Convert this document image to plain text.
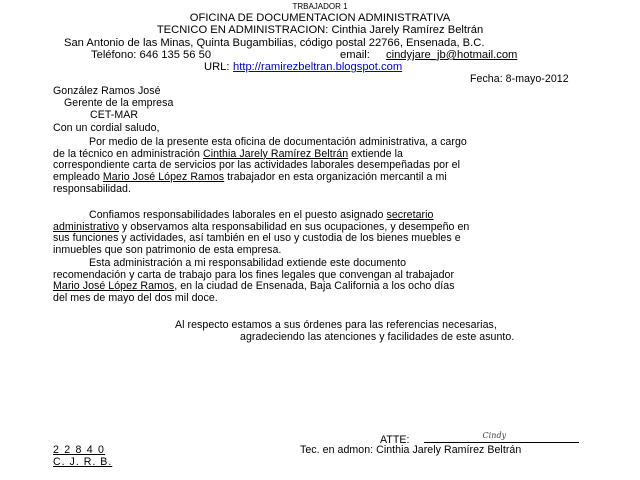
TRBAJADOR 1
OFICINA DE DOCUMENTACION ADMINISTRATIVA
TECNICO EN ADMINISTRACION: Cinthia Jarely Ramírez Beltrán
San Antonio de las Minas, Quinta Bugambilias, código postal 22766, Ensenada, B.C.
Teléfono: 646 135 56 50	email: cindyjare_jb@hotmail.com
URL: http://ramirezbeltran.blogspot.com
Fecha: 8-mayo-2012
González Ramos José
Gerente de la empresa
CET-MAR
Con un cordial saludo,
Por medio de la presente esta oficina de documentación administrativa, a cargo
de la técnico en administración Cinthia Jarely Ramírez Beltrán extiende la
correspondiente carta de servicios por las actividades laborales desempeñadas por el
empleado Mario José López Ramos trabajador en esta organización mercantil a mi
responsabilidad.
Confiamos responsabilidades laborales en el puesto asignado secretario
administrativo y observamos alta responsabilidad en sus ocupaciones, y desempeño en
sus funciones y actividades, así también en el uso y custodia de los bienes muebles e
inmuebles que son patrimonio de esta empresa.
Esta administración a mi responsabilidad extiende este documento
recomendación y carta de trabajo para los fines legales que convengan al trabajador
Mario José López Ramos, en la ciudad de Ensenada, Baja California a los ocho días
del mes de mayo del dos mil doce.
Al respecto estamos a sus órdenes para las referencias necesarias,
agradeciendo las atenciones y facilidades de este asunto.
ATTE:	Cindy
Tec. en admon: Cinthia Jarely Ramírez Beltrán
2 2 8 4 0
C. J. R. B.
